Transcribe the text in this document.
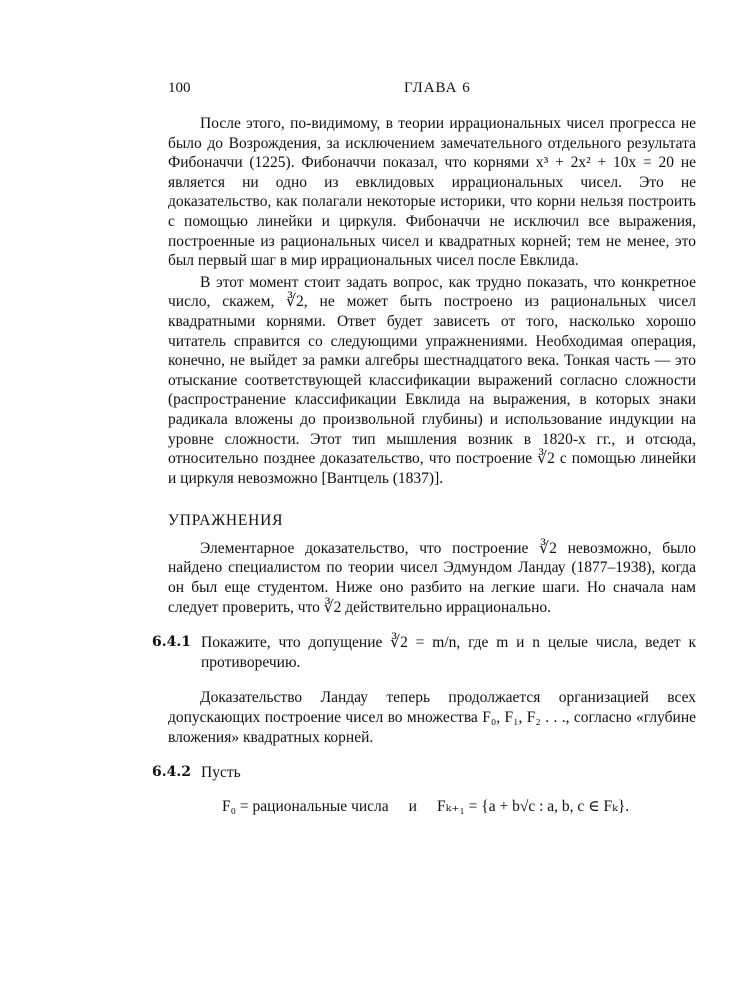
100	ГЛАВА 6

После этого, по-видимому, в теории иррациональных чисел прогресса не было до Возрождения, за исключением замечательного отдельного результата Фибоначчи (1225). Фибоначчи показал, что корнями x³ + 2x² + 10x = 20 не является ни одно из евклидовых иррациональных чисел. Это не доказательство, как полагали некоторые историки, что корни нельзя построить с помощью линейки и циркуля. Фибоначчи не исключил все выражения, построенные из рациональных чисел и квадратных корней; тем не менее, это был первый шаг в мир иррациональных чисел после Евклида.

В этот момент стоит задать вопрос, как трудно показать, что конкретное число, скажем, ∛2, не может быть построено из рациональных чисел квадратными корнями. Ответ будет зависеть от того, насколько хорошо читатель справится со следующими упражнениями. Необходимая операция, конечно, не выйдет за рамки алгебры шестнадцатого века. Тонкая часть — это отыскание соответствующей классификации выражений согласно сложности (распространение классификации Евклида на выражения, в которых знаки радикала вложены до произвольной глубины) и использование индукции на уровне сложности. Этот тип мышления возник в 1820-х гг., и отсюда, относительно позднее доказательство, что построение ∛2 с помощью линейки и циркуля невозможно [Вантцель (1837)].

УПРАЖНЕНИЯ

Элементарное доказательство, что построение ∛2 невозможно, было найдено специалистом по теории чисел Эдмундом Ландау (1877–1938), когда он был еще студентом. Ниже оно разбито на легкие шаги. Но сначала нам следует проверить, что ∛2 действительно иррационально.

6.4.1 Покажите, что допущение ∛2 = m/n, где m и n целые числа, ведет к противоречию.

Доказательство Ландау теперь продолжается организацией всех допускающих построение чисел во множества F₀, F₁, F₂ . . ., согласно «глубине вложения» квадратных корней.

6.4.2 Пусть
F₀ = рациональные числа и Fₖ₊₁ = {a + b√c : a, b, c ∈ Fₖ}.
